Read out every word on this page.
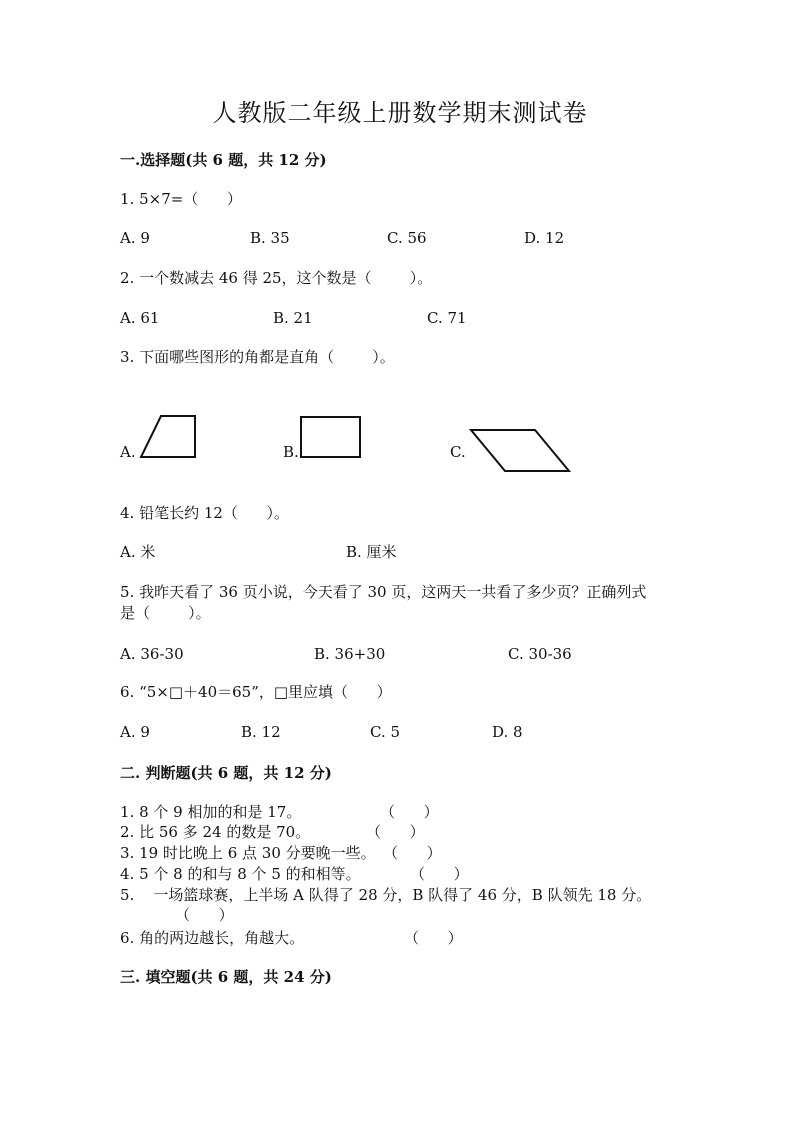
人教版二年级上册数学期末测试卷
一.选择题(共 6 题，共 12 分)
1. 5×7=（      ）
A. 9	B. 35	C. 56	D. 12
2. 一个数减去 46 得 25，这个数是（        ）。
A. 61	B. 21	C. 71
3. 下面哪些图形的角都是直角（        ）。
A.	B.	C.
4. 铅笔长约 12（      ）。
A. 米	B. 厘米
5. 我昨天看了 36 页小说，今天看了 30 页，这两天一共看了多少页？正确列式
是（        ）。
A. 36-30	B. 36+30	C. 30-36
6. “5×□＋40＝65”，□里应填（      ）
A. 9	B. 12	C. 5	D. 8
二. 判断题(共 6 题，共 12 分)
1. 8 个 9 相加的和是 17。	（      ）
2. 比 56 多 24 的数是 70。	（      ）
3. 19 时比晚上 6 点 30 分要晚一些。 （      ）
4. 5 个 8 的和与 8 个 5 的和相等。	（      ）
5.    一场篮球赛，上半场 A 队得了 28 分，B 队得了 46 分，B 队领先 18 分。
（      ）
6. 角的两边越长，角越大。	（      ）
三. 填空题(共 6 题，共 24 分)
